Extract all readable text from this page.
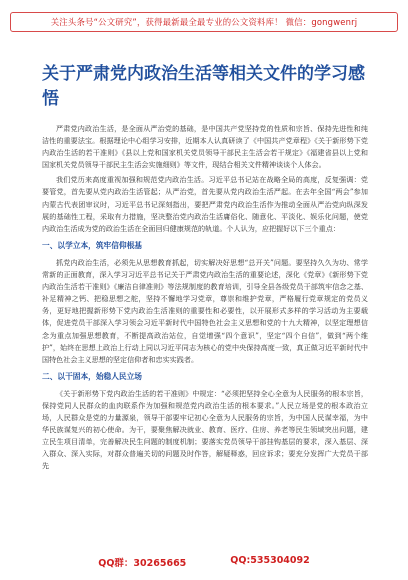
关注头条号“公文研究”，获得最新最全最专业的公文资料库！ 微信：gongwenrj
关于严肃党内政治生活等相关文件的学习感悟

严肃党内政治生活，是全面从严治党的基础，是中国共产党坚持党的性质和宗旨、保持先进性和纯洁性的重要法宝。根据理论中心组学习安排，近期本人认真研读了《中国共产党章程》《关于新形势下党内政治生活的若干准则》《县以上党和国家机关党员领导干部民主生活会若干规定》《福建省县以上党和国家机关党员领导干部民主生活会实施细则》等文件，现结合相关文件精神谈谈个人体会。

我们党历来高度重视加强和规范党内政治生活。习近平总书记站在战略全局的高度，反复强调：党要管党，首先要从党内政治生活管起；从严治党，首先要从党内政治生活严起。在去年全国“两会”参加内蒙古代表团审议时，习近平总书记深刻指出，要把严肃党内政治生活作为推动全面从严治党向纵深发展的基础性工程，采取有力措施，坚决整治党内政治生活庸俗化、随意化、平淡化、娱乐化问题，使党内政治生活成为党的政治生活在全面回归健康规范的轨道。个人认为，应把握好以下三个重点：

一、以学立本，筑牢信仰根基

抓党内政治生活，必须先从思想教育抓起，切实解决好思想“总开关”问题。要坚持久久为功、常学常新的正面教育，深入学习习近平总书记关于严肃党内政治生活的重要论述，深化《党章》《新形势下党内政治生活若干准则》《廉洁自律准则》等法规制度的教育培训，引导全县各级党员干部筑牢信念之基、补足精神之钙、把稳思想之舵，坚持不懈地学习党章，尊崇和维护党章，严格履行党章规定的党员义务，更好地把握新形势下党内政治生活准则的重要性和必要性，以开展形式多样的学习活动为主要载体，促进党员干部深入学习领会习近平新时代中国特色社会主义思想和党的十九大精神，以坚定理想信念为重点加强思想教育，不断提高政治站位，自觉增强“四个意识”，坚定“四个自信”，做到“两个维护”，始终在思想上政治上行动上同以习近平同志为核心的党中央保持高度一致，真正做习近平新时代中国特色社会主义思想的坚定信仰者和忠实实践者。

二、以干固本，始稳人民立场

《关于新形势下党内政治生活的若干准则》中规定：“必须把坚持全心全意为人民服务的根本宗旨，保持党同人民群众的血肉联系作为加强和规范党内政治生活的根本要求。”人民立场是党的根本政治立场，人民群众是党的力量源泉，领导干部要牢记初心全意为人民服务的宗旨，为中国人民谋幸福，为中华民族谋复兴的初心使命。为干，要聚焦解决就业、教育、医疗、住房、养老等民生领域突出问题，建立民生项目清单，完善解决民生问题的制度机制；要落实党员领导干部挂钩基层的要求，深入基层、深入群众、深入实际，对群众普遍关切的问题及时作答，解疑释惑，回应诉求；要充分发挥广大党员干部先

QQ群：30265665	QQ:535304092
